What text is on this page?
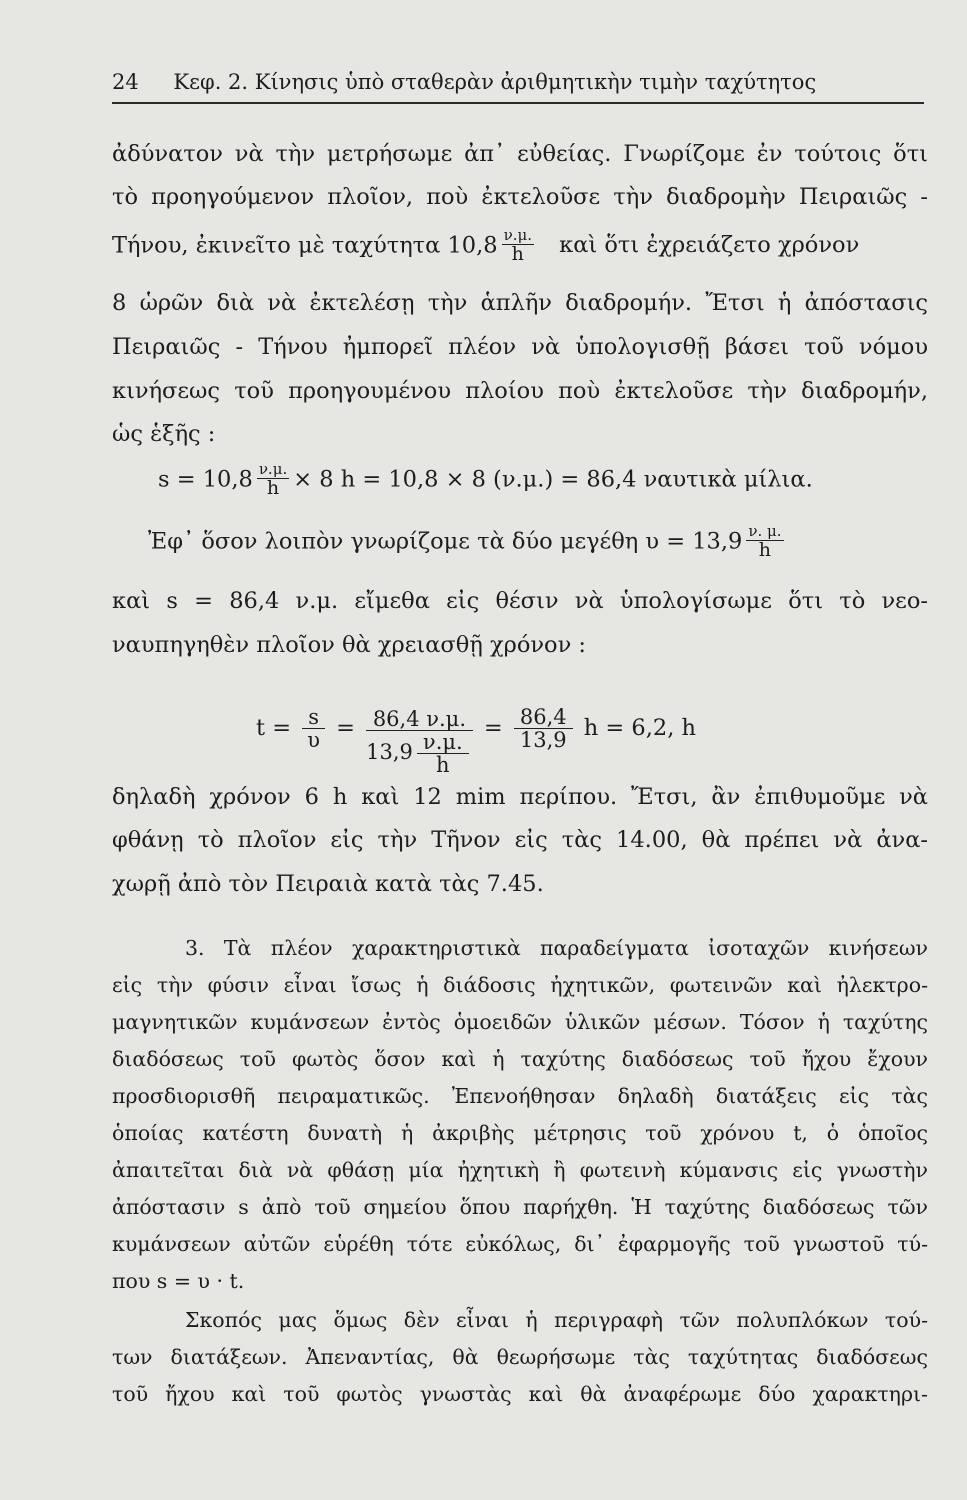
24 Κεφ. 2. Κίνησις ὑπὸ σταθερὰν ἀριθμητικὴν τιμὴν ταχύτητος
ἀδύνατον νὰ τὴν μετρήσωμε ἀπ᾽ εὐθείας. Γνωρίζομε ἐν τούτοις ὅτι
τὸ προηγούμενον πλοῖον, ποὺ ἐκτελοῦσε τὴν διαδρομὴν Πειραιῶς -
Τήνου, ἐκινεῖτο μὲ ταχύτητα $10,8 \frac{\nu.\mu.}{h}$ καὶ ὅτι ἐχρειάζετο χρόνον
8 ὡρῶν διὰ νὰ ἐκτελέσῃ τὴν ἁπλῆν διαδρομήν. Ἔτσι ἡ ἀπόστασις
Πειραιῶς - Τήνου ἠμπορεῖ πλέον νὰ ὑπολογισθῇ βάσει τοῦ νόμου
κινήσεως τοῦ προηγουμένου πλοίου ποὺ ἐκτελοῦσε τὴν διαδρομήν,
ὡς ἑξῆς :
$s = 10,8 \frac{\nu.\mu.}{h} \times 8$ h = 10,8 × 8 (ν.μ.) = 86,4 ναυτικὰ μίλια.
Ἐφ᾽ ὅσον λοιπὸν γνωρίζομε τὰ δύο μεγέθη $\upsilon = 13,9 \frac{\nu. \mu.}{h}$
καὶ s = 86,4 ν.μ. εἴμεθα εἰς θέσιν νὰ ὑπολογίσωμε ὅτι τὸ νεο-
ναυπηγηθὲν πλοῖον θὰ χρειασθῇ χρόνον :
$t = \frac{s}{\upsilon} = \frac{86,4 \nu.\mu.}{13,9 \frac{\nu.\mu.}{h}} = \frac{86,4}{13,9}$ h = 6,2, h
δηλαδὴ χρόνον 6 h καὶ 12 mim περίπου. Ἔτσι, ἂν ἐπιθυμοῦμε νὰ
φθάνῃ τὸ πλοῖον εἰς τὴν Τῆνον εἰς τὰς 14.00, θὰ πρέπει νὰ ἀνα-
χωρῇ ἀπὸ τὸν Πειραιὰ κατὰ τὰς 7.45.
3. Τὰ πλέον χαρακτηριστικὰ παραδείγματα ἰσοταχῶν κινήσεων
εἰς τὴν φύσιν εἶναι ἴσως ἡ διάδοσις ἠχητικῶν, φωτεινῶν καὶ ἠλεκτρο-
μαγνητικῶν κυμάνσεων ἐντὸς ὁμοειδῶν ὑλικῶν μέσων. Τόσον ἡ ταχύτης
διαδόσεως τοῦ φωτὸς ὅσον καὶ ἡ ταχύτης διαδόσεως τοῦ ἤχου ἔχουν
προσδιορισθῆ πειραματικῶς. Ἐπενοήθησαν δηλαδὴ διατάξεις εἰς τὰς
ὁποίας κατέστη δυνατὴ ἡ ἀκριβὴς μέτρησις τοῦ χρόνου t, ὁ ὁποῖος
ἀπαιτεῖται διὰ νὰ φθάσῃ μία ἠχητικὴ ἢ φωτεινὴ κύμανσις εἰς γνωστὴν
ἀπόστασιν s ἀπὸ τοῦ σημείου ὅπου παρήχθη. Ἡ ταχύτης διαδόσεως τῶν
κυμάνσεων αὐτῶν εὑρέθη τότε εὐκόλως, δι᾽ ἐφαρμογῆς τοῦ γνωστοῦ τύ-
που s = υ · t.
Σκοπός μας ὅμως δὲν εἶναι ἡ περιγραφὴ τῶν πολυπλόκων τού-
των διατάξεων. Ἀπεναντίας, θὰ θεωρήσωμε τὰς ταχύτητας διαδόσεως
τοῦ ἤχου καὶ τοῦ φωτὸς γνωστὰς καὶ θὰ ἀναφέρωμε δύο χαρακτηρι-
